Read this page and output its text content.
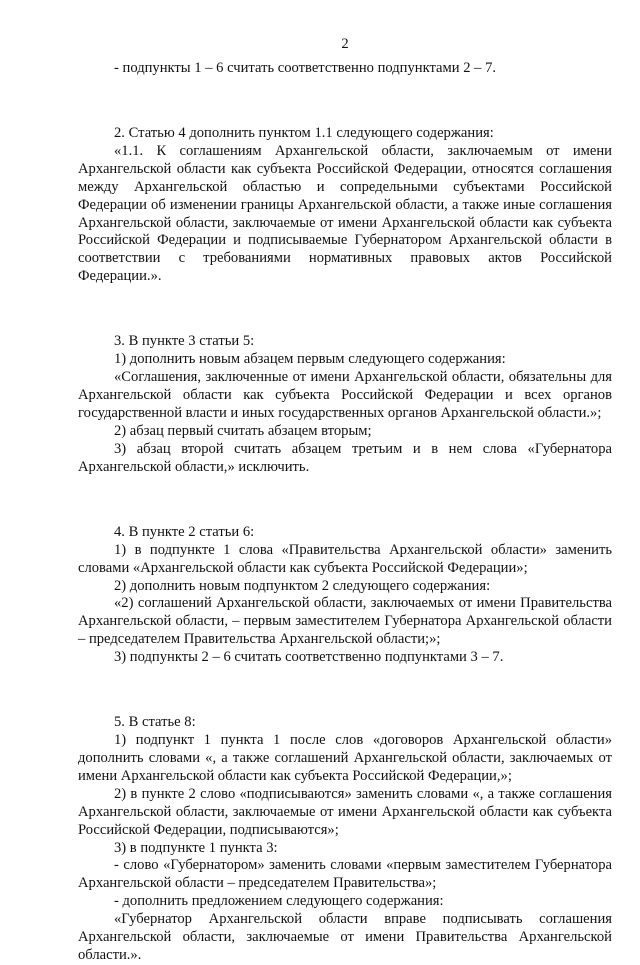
2

- подпункты 1 – 6 считать соответственно подпунктами 2 – 7.

2. Статью 4 дополнить пунктом 1.1 следующего содержания:

«1.1. К соглашениям Архангельской области, заключаемым от имени Архангельской области как субъекта Российской Федерации, относятся соглашения между Архангельской областью и сопредельными субъектами Российской Федерации об изменении границы Архангельской области, а также иные соглашения Архангельской области, заключаемые от имени Архангельской области как субъекта Российской Федерации и подписываемые Губернатором Архангельской области в соответствии с требованиями нормативных правовых актов Российской Федерации.».

3. В пункте 3 статьи 5:

1) дополнить новым абзацем первым следующего содержания:

«Соглашения, заключенные от имени Архангельской области, обязательны для Архангельской области как субъекта Российской Федерации и всех органов государственной власти и иных государственных органов Архангельской области.»;

2) абзац первый считать абзацем вторым;

3) абзац второй считать абзацем третьим и в нем слова «Губернатора Архангельской области,» исключить.

4. В пункте 2 статьи 6:

1) в подпункте 1 слова «Правительства Архангельской области» заменить словами «Архангельской области как субъекта Российской Федерации»;

2) дополнить новым подпунктом 2 следующего содержания:

«2) соглашений Архангельской области, заключаемых от имени Правительства Архангельской области, – первым заместителем Губернатора Архангельской области – председателем Правительства Архангельской области;»;

3) подпункты 2 – 6 считать соответственно подпунктами 3 – 7.

5. В статье 8:

1) подпункт 1 пункта 1 после слов «договоров Архангельской области» дополнить словами «, а также соглашений Архангельской области, заключаемых от имени Архангельской области как субъекта Российской Федерации,»;

2) в пункте 2 слово «подписываются» заменить словами «, а также соглашения Архангельской области, заключаемые от имени Архангельской области как субъекта Российской Федерации, подписываются»;

3) в подпункте 1 пункта 3:

- слово «Губернатором» заменить словами «первым заместителем Губернатора Архангельской области – председателем Правительства»;

- дополнить предложением следующего содержания:

«Губернатор Архангельской области вправе подписывать соглашения Архангельской области, заключаемые от имени Правительства Архангельской области.».
